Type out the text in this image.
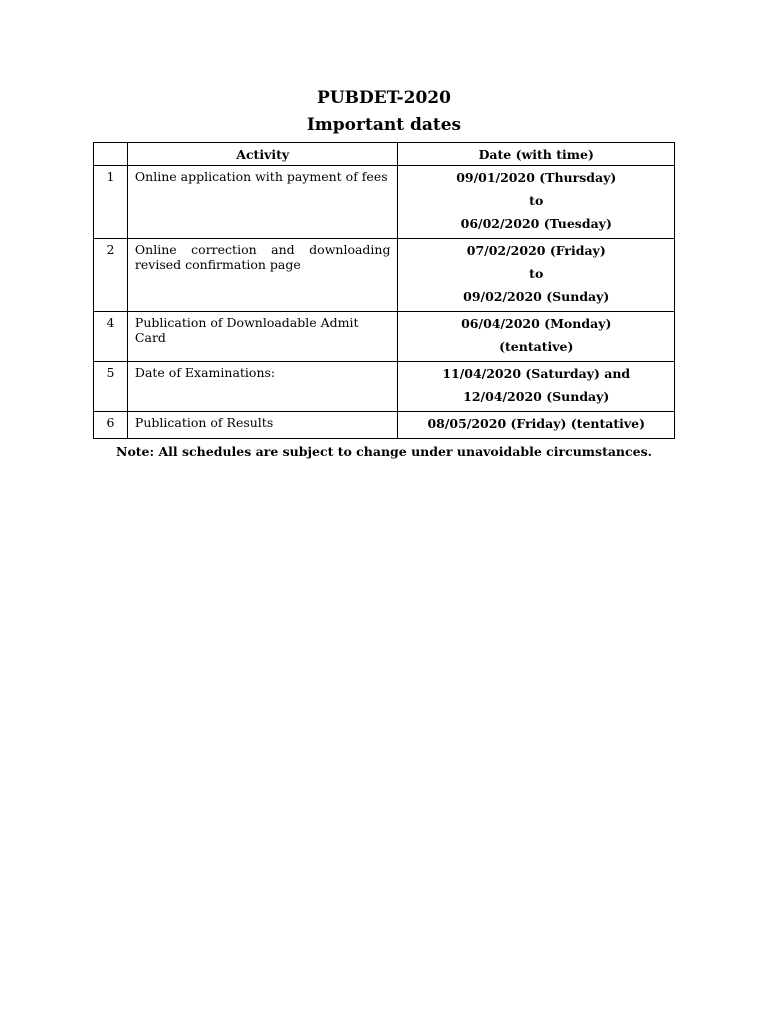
PUBDET-2020
Important dates
	Activity	Date (with time)
1	Online application with payment of fees	09/01/2020 (Thursday)
to
06/02/2020 (Tuesday)

2	Online correction and downloading revised confirmation page	07/02/2020 (Friday)
to
09/02/2020 (Sunday)

4	Publication of Downloadable Admit Card	06/04/2020 (Monday)
(tentative)

5	Date of Examinations:	11/04/2020 (Saturday) and
12/04/2020 (Sunday)

6	Publication of Results	08/05/2020 (Friday) (tentative)
Note: All schedules are subject to change under unavoidable circumstances.
